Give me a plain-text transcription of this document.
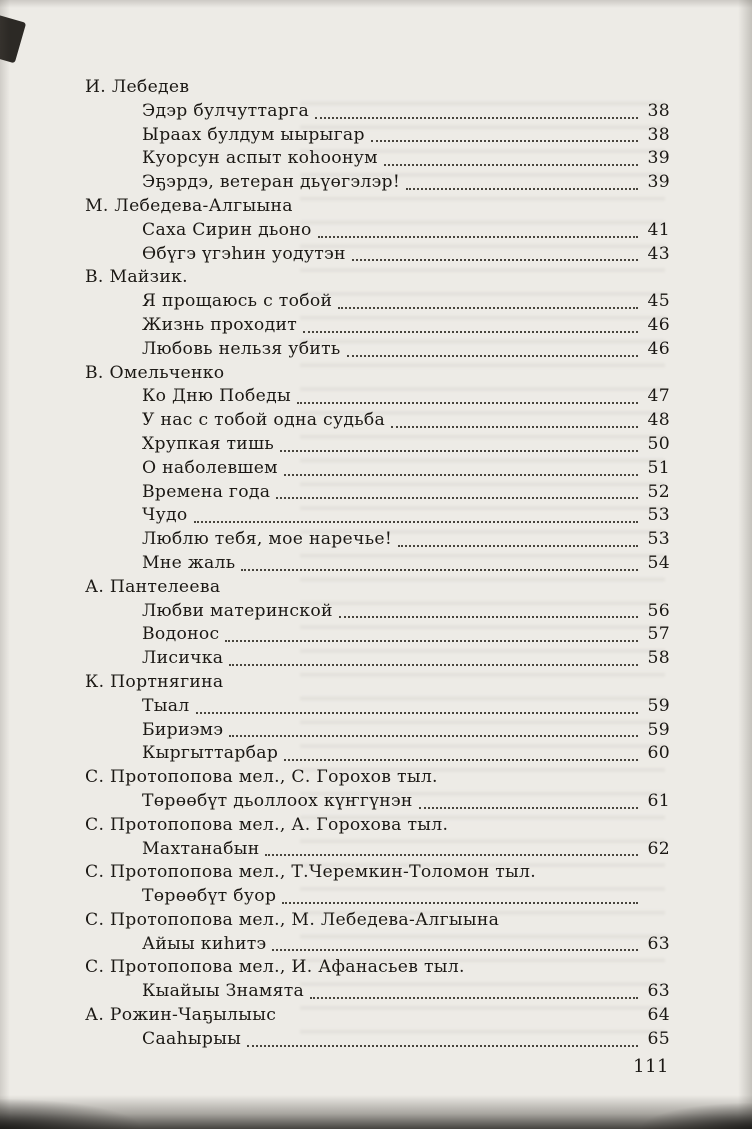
И. Лебедев
Эдэр булчуттарга	38
Ыраах булдум ыырыгар	38
Куорсун аспыт коһоонум	39
Эҕэрдэ, ветеран дьүөгэлэр!	39
М. Лебедева-Алгыына
Саха Сирин дьоно	41
Өбүгэ үгэһин уодутэн	43
В. Майзик.
Я прощаюсь с тобой	45
Жизнь проходит	46
Любовь нельзя убить	46
В. Омельченко
Ко Дню Победы	47
У нас с тобой одна судьба	48
Хрупкая тишь	50
О наболевшем	51
Времена года	52
Чудо	53
Люблю тебя, мое наречье!	53
Мне жаль	54
А. Пантелеева
Любви материнской	56
Водонос	57
Лисичка	58
К. Портнягина
Тыал	59
Бириэмэ	59
Кыргыттарбар	60
С. Протопопова мел., С. Горохов тыл.
Төрөөбүт дьоллоох күҥгүнэн	61
С. Протопопова мел., А. Горохова тыл.
Махтанабын	62
С. Протопопова мел., Т.Черемкин-Толомон тыл.
Төрөөбүт буор
С. Протопопова мел., М. Лебедева-Алгыына
Айыы киһитэ	63
С. Протопопова мел., И. Афанасьев тыл.
Кыайыы Знамята	63
А. Рожин-Чаҕылыыс	64
Сааһырыы	65
111
